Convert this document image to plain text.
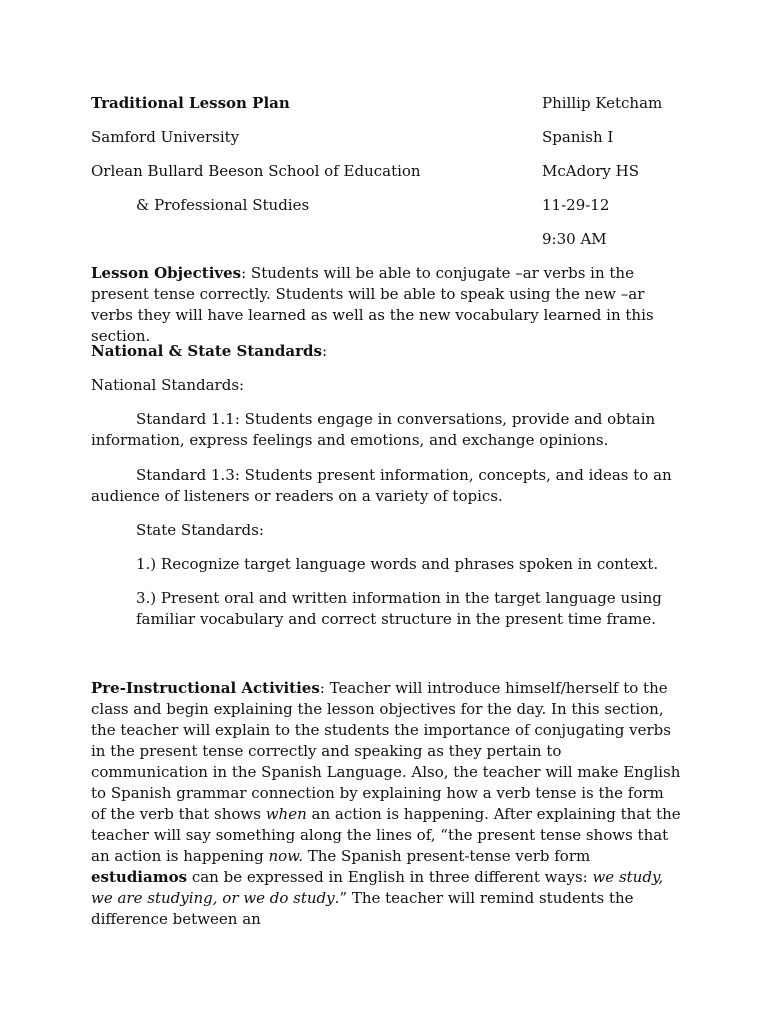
Traditional Lesson Plan
Samford University
Orlean Bullard Beeson School of Education
& Professional Studies
Phillip Ketcham
Spanish I
McAdory HS
11-29-12
9:30 AM

Lesson Objectives: Students will be able to conjugate –ar verbs in the present tense correctly. Students will be able to speak using the new –ar verbs they will have learned as well as the new vocabulary learned in this section.

National & State Standards:

National Standards:

Standard 1.1: Students engage in conversations, provide and obtain information, express feelings and emotions, and exchange opinions.

Standard 1.3: Students present information, concepts, and ideas to an audience of listeners or readers on a variety of topics.

State Standards:

1.) Recognize target language words and phrases spoken in context.

3.) Present oral and written information in the target language using familiar vocabulary and correct structure in the present time frame.

Pre-Instructional Activities: Teacher will introduce himself/herself to the class and begin explaining the lesson objectives for the day. In this section, the teacher will explain to the students the importance of conjugating verbs in the present tense correctly and speaking as they pertain to communication in the Spanish Language. Also, the teacher will make English to Spanish grammar connection by explaining how a verb tense is the form of the verb that shows when an action is happening. After explaining that the teacher will say something along the lines of, “the present tense shows that an action is happening now. The Spanish present-tense verb form estudiamos can be expressed in English in three different ways: we study, we are studying, or we do study.” The teacher will remind students the difference between an
